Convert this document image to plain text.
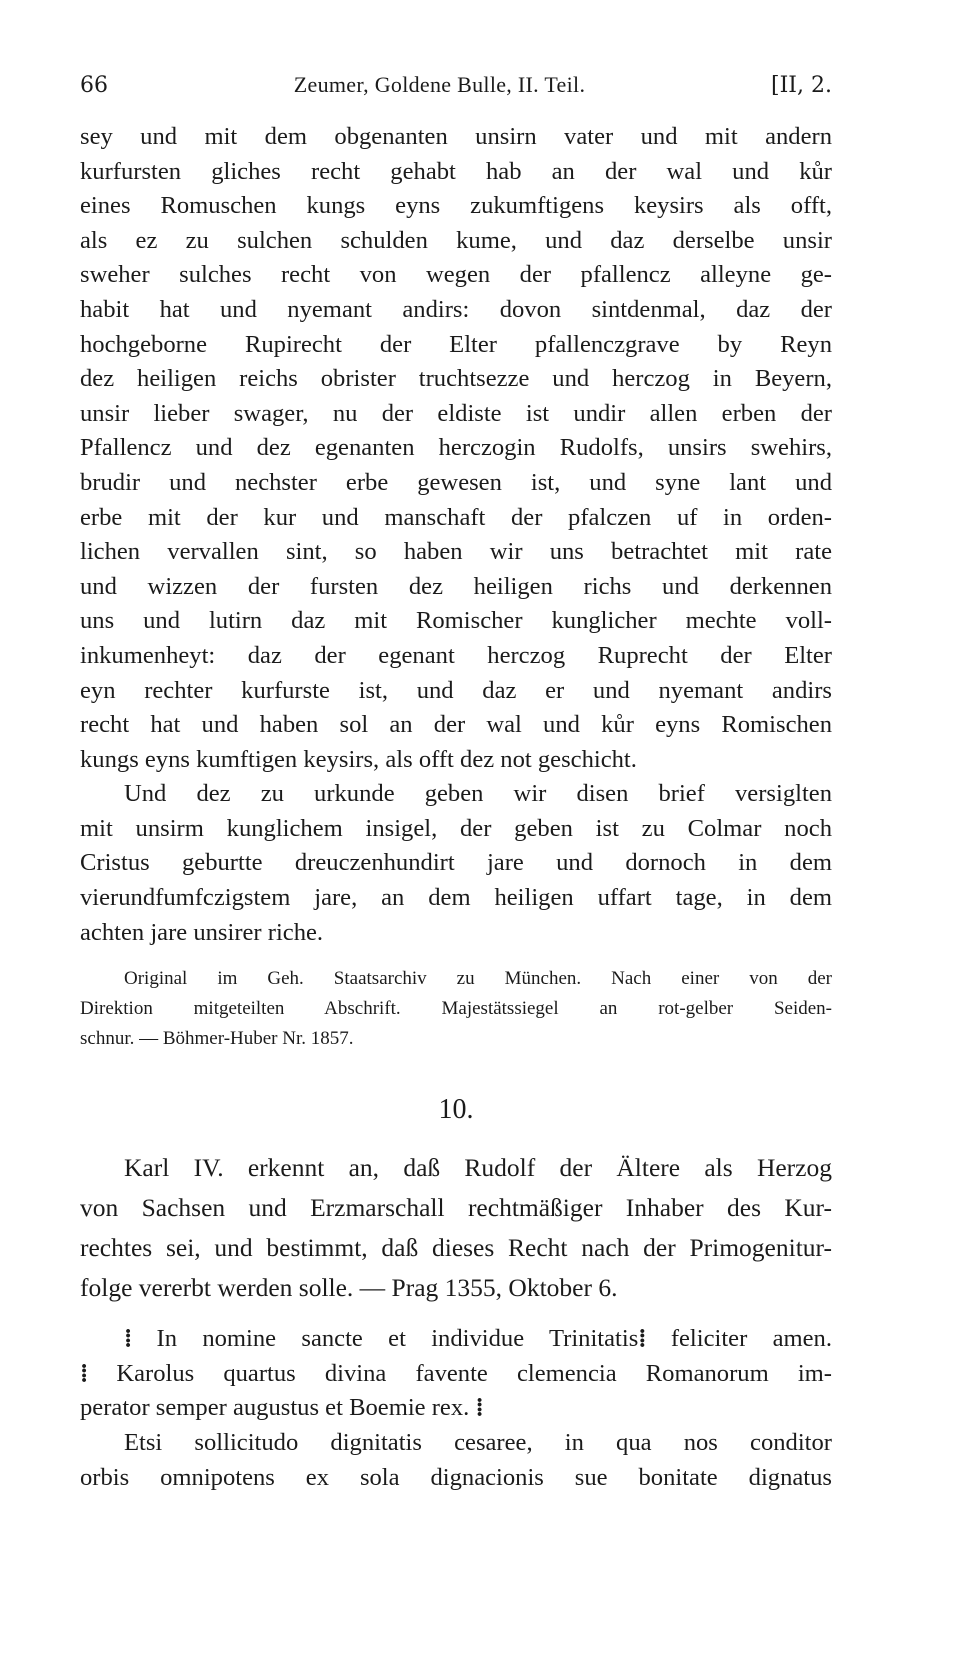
66	Zeumer, Goldene Bulle, II. Teil.	[II, 2.
sey und mit dem obgenanten unsirn vater und mit andern
kurfursten gliches recht gehabt hab an der wal und kůr
eines Romuschen kungs eyns zukumftigens keysirs als offt,
als ez zu sulchen schulden kume, und daz derselbe unsir
sweher sulches recht von wegen der pfallencz alleyne ge-
habit hat und nyemant andirs: dovon sintdenmal, daz der
hochgeborne Rupirecht der Elter pfallenczgrave by Reyn
dez heiligen reichs obrister truchtsezze und herczog in Beyern,
unsir lieber swager, nu der eldiste ist undir allen erben der
Pfallencz und dez egenanten herczogin Rudolfs, unsirs swehirs,
brudir und nechster erbe gewesen ist, und syne lant und
erbe mit der kur und manschaft der pfalczen uf in orden-
lichen vervallen sint, so haben wir uns betrachtet mit rate
und wizzen der fursten dez heiligen richs und derkennen
uns und lutirn daz mit Romischer kunglicher mechte voll-
inkumenheyt: daz der egenant herczog Ruprecht der Elter
eyn rechter kurfurste ist, und daz er und nyemant andirs
recht hat und haben sol an der wal und kůr eyns Romischen
kungs eyns kumftigen keysirs, als offt dez not geschicht.
Und dez zu urkunde geben wir disen brief versiglten
mit unsirm kunglichem insigel, der geben ist zu Colmar noch
Cristus geburtte dreuczenhundirt jare und dornoch in dem
vierundfumfczigstem jare, an dem heiligen uffart tage, in dem
achten jare unsirer riche.
Original im Geh. Staatsarchiv zu München. Nach einer von der
Direktion mitgeteilten Abschrift. Majestätssiegel an rot-gelber Seiden-
schnur. — Böhmer-Huber Nr. 1857.
10.
Karl IV. erkennt an, daß Rudolf der Ältere als Herzog
von Sachsen und Erzmarschall rechtmäßiger Inhaber des Kur-
rechtes sei, und bestimmt, daß dieses Recht nach der Primogenitur-
folge vererbt werden solle. — Prag 1355, Oktober 6.
⁞ In nomine sancte et individue Trinitatis⁞ feliciter amen.
⁞ Karolus quartus divina favente clemencia Romanorum im-
perator semper augustus et Boemie rex. ⁞
Etsi sollicitudo dignitatis cesaree, in qua nos conditor
orbis omnipotens ex sola dignacionis sue bonitate dignatus
